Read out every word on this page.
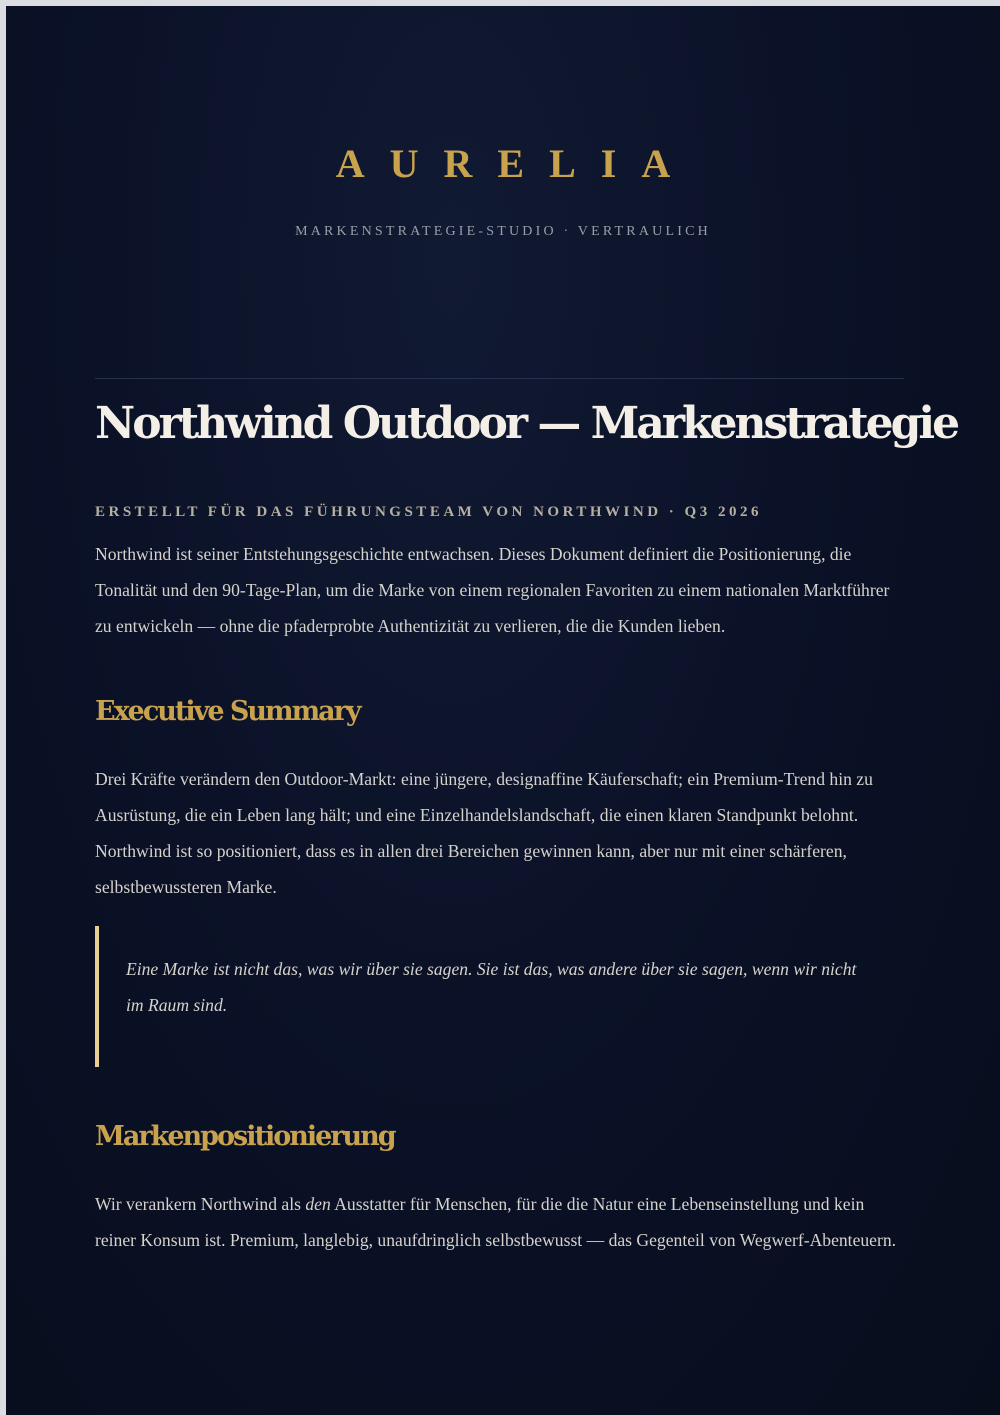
AURELIA
MARKENSTRATEGIE-STUDIO · VERTRAULICH
Northwind Outdoor — Markenstrategie
ERSTELLT FÜR DAS FÜHRUNGSTEAM VON NORTHWIND · Q3 2026

Northwind ist seiner Entstehungsgeschichte entwachsen. Dieses Dokument definiert die Positionierung, die Tonalität und den 90-Tage-Plan, um die Marke von einem regionalen Favoriten zu einem nationalen Marktführer zu entwickeln — ohne die pfaderprobte Authentizität zu verlieren, die die Kunden lieben.

Executive Summary

Drei Kräfte verändern den Outdoor-Markt: eine jüngere, designaffine Käuferschaft; ein Premium-Trend hin zu Ausrüstung, die ein Leben lang hält; und eine Einzelhandelslandschaft, die einen klaren Standpunkt belohnt. Northwind ist so positioniert, dass es in allen drei Bereichen gewinnen kann, aber nur mit einer schärferen, selbstbewussteren Marke.

Eine Marke ist nicht das, was wir über sie sagen. Sie ist das, was andere über sie sagen, wenn wir nicht im Raum sind.

Markenpositionierung

Wir verankern Northwind als den Ausstatter für Menschen, für die die Natur eine Lebenseinstellung und kein reiner Konsum ist. Premium, langlebig, unaufdringlich selbstbewusst — das Gegenteil von Wegwerf-Abenteuern.
